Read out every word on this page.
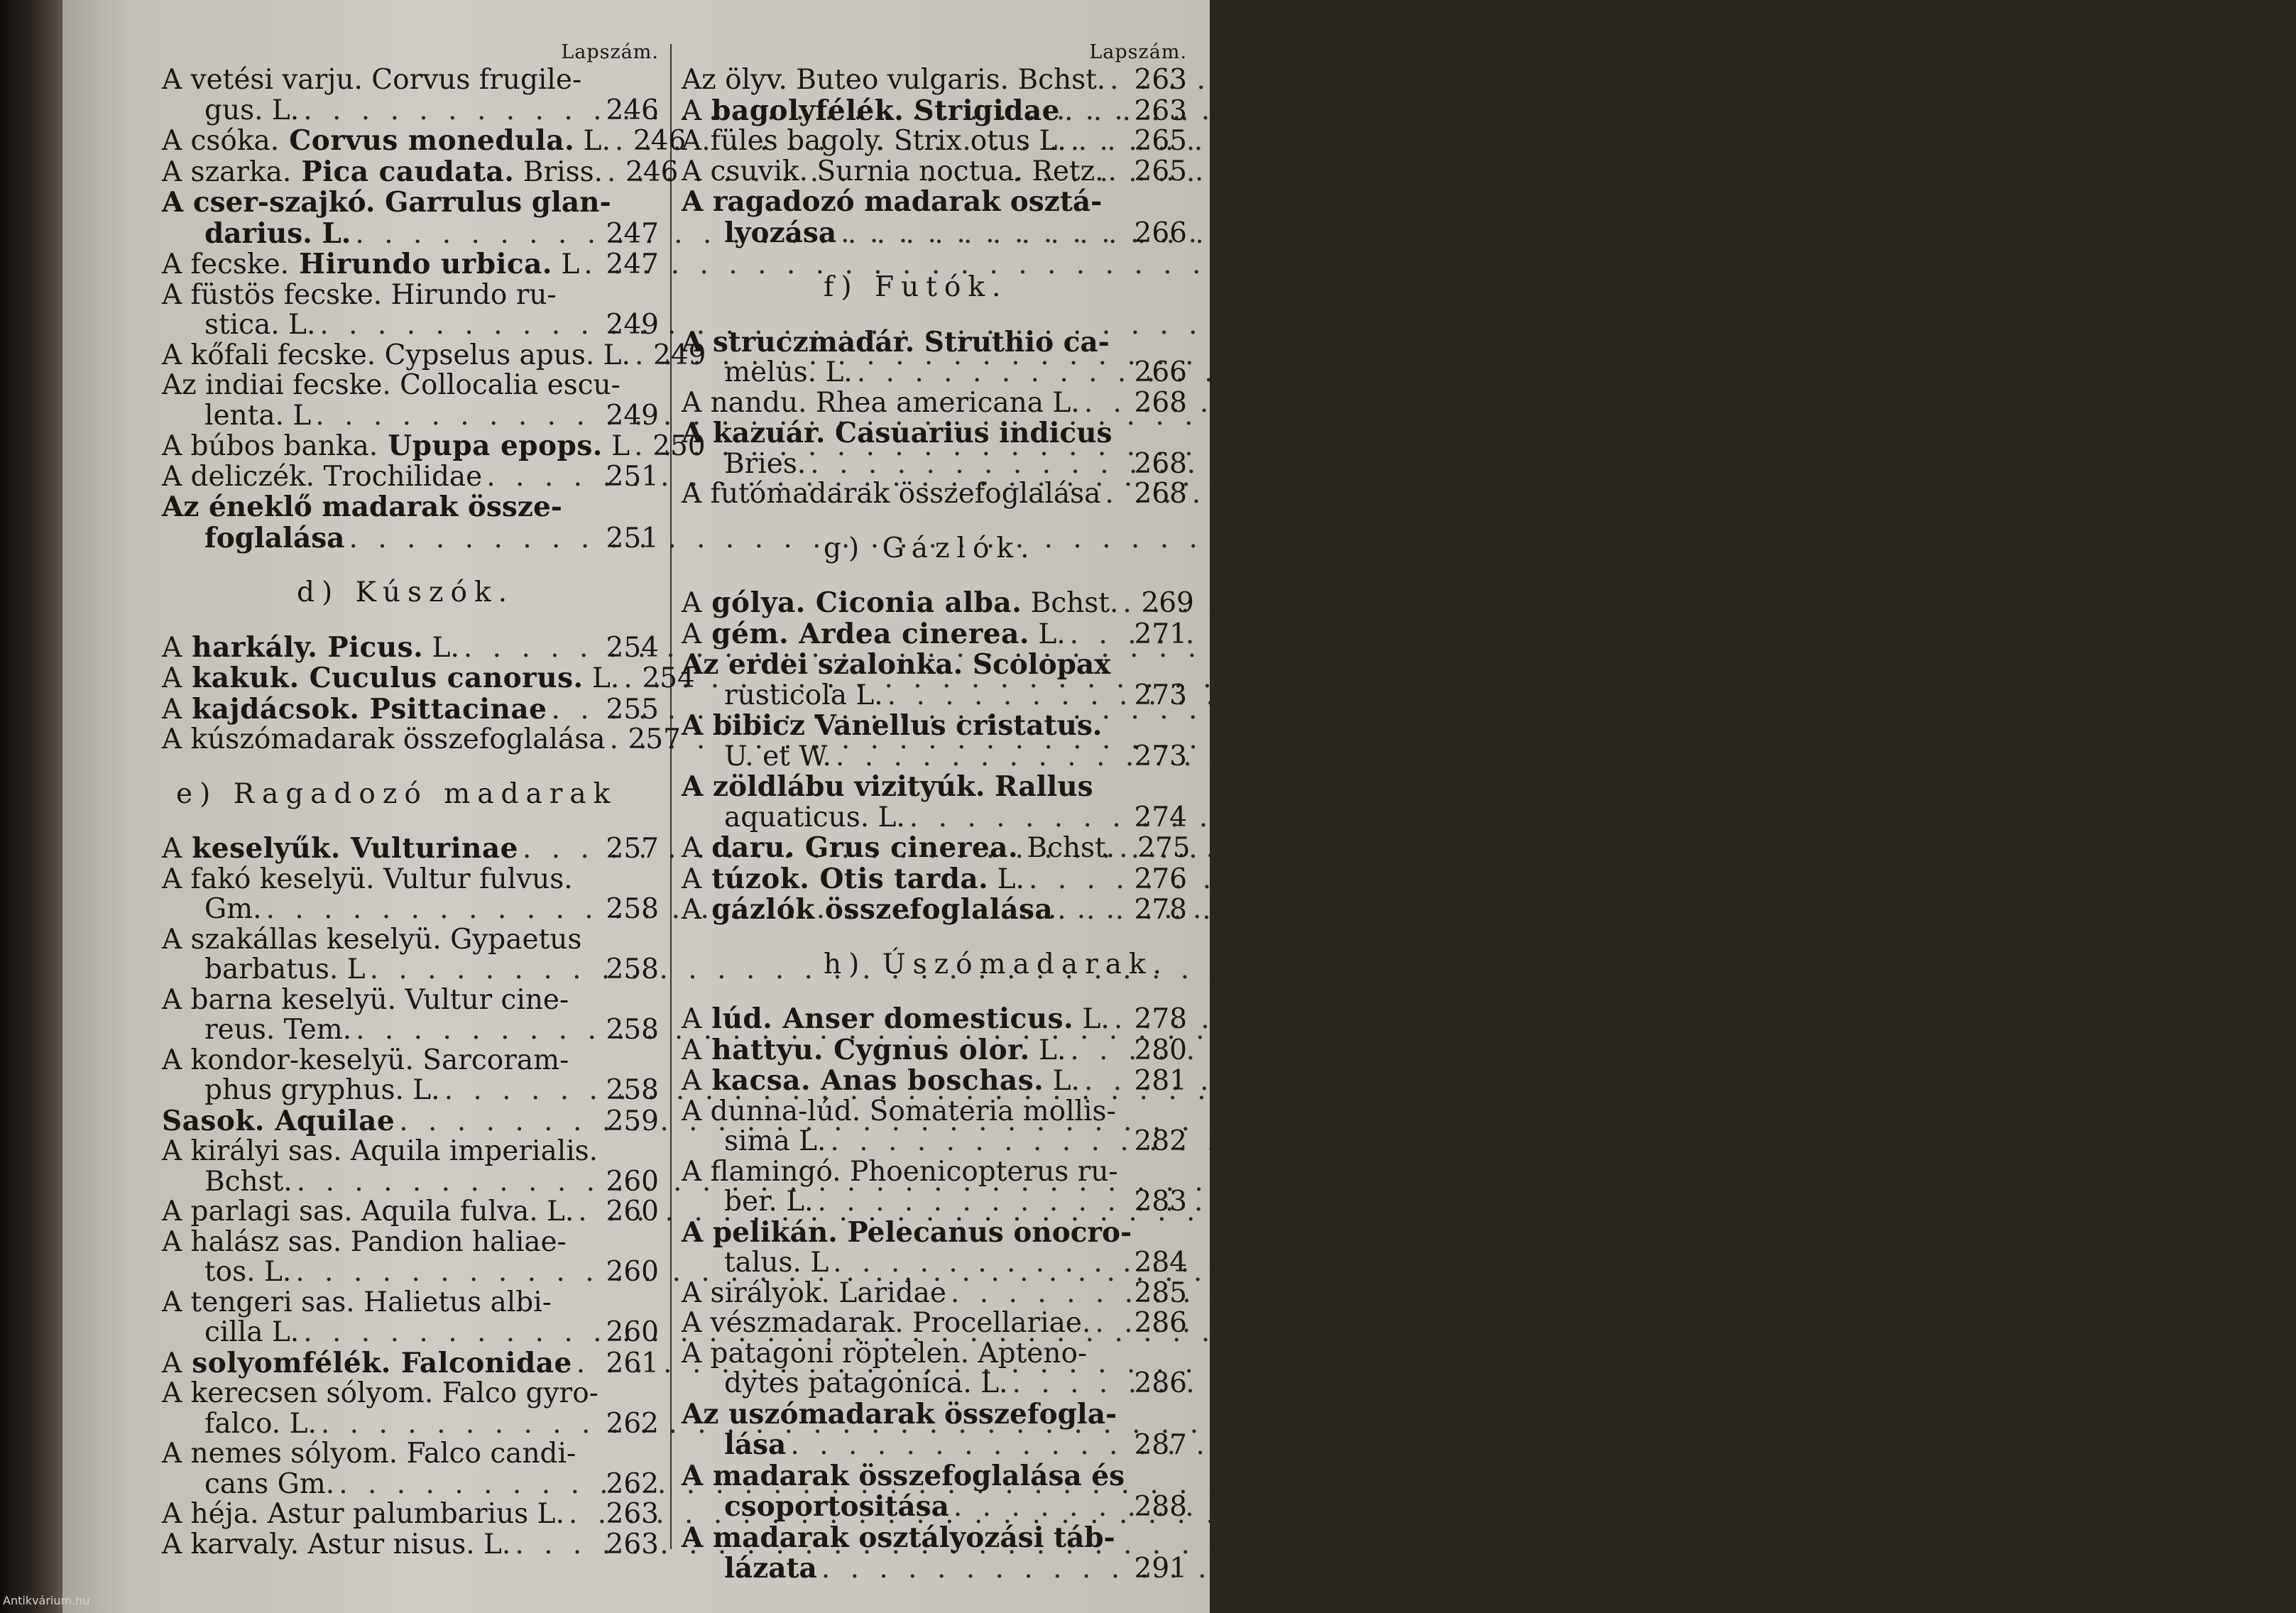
Lapszám.
A vetési varju. Corvus frugile-
gus. L. . . .	246
A csóka. Corvus monedula. L. . . . 246
A szarka. Pica caudata. Briss. . . . 246
A cser-szajkó. Garrulus glan-
darius. L. . . .	247
A fecske. Hirundo urbica. L . . . 247
A füstös fecske. Hirundo ru-
stica. L. . . .	249
A kőfali fecske. Cypselus apus. L. . . . 249
Az indiai fecske. Collocalia escu-
lenta. L . . .	249
A búbos banka. Upupa epops. L . . . 250
A deliczék. Trochilidae . . .	251
Az éneklő madarak össze-
foglalása . . .	251
d) Kúszók.
A harkály. Picus. L. . . .	254
A kakuk. Cuculus canorus. L. . . . 254
A kajdácsok. Psittacinae . . . 255
A kúszómadarak összefoglalása . . . 257
e) Ragadozó madarak
A keselyűk. Vulturinae . . .	257
A fakó keselyü. Vultur fulvus.
Gm. . . .	258
A szakállas keselyü. Gypaetus
barbatus. L . . .	258
A barna keselyü. Vultur cine-
reus. Tem. . . .	258
A kondor-keselyü. Sarcoram-
phus gryphus. L. . . .	258
Sasok. Aquilae . . .	259
A királyi sas. Aquila imperialis.
Bchst. . . .	260
A parlagi sas. Aquila fulva. L. . . . 260
A halász sas. Pandion haliae-
tos. L. . . .	260
A tengeri sas. Halietus albi-
cilla L. . . .	260
A solyomfélék. Falconidae . . . 261
A kerecsen sólyom. Falco gyro-
falco. L. . . .	262
A nemes sólyom. Falco candi-
cans Gm. . . .	262
A héja. Astur palumbarius L. . . . 263
A karvaly. Astur nisus. L. . . .	263
Lapszám.
Az ölyv. Buteo vulgaris. Bchst. . . . 263
A bagolyfélék. Strigidae . . .	263
A füles bagoly. Strix otus L. . . . 265
A csuvik. Surnia noctua. Retz. . . . 265
A ragadozó madarak osztá-
lyozása . . .	266
f) Futók.
A struczmadár. Struthio ca-
melus. L. . . .	266
A nandu. Rhea americana L. . . . 268
A kazuár. Casuarius indicus
Bries. . . .	268
A futómadarak összefoglalása . . . 268
g) Gázlók.
A gólya. Ciconia alba. Bchst. . . . 269
A gém. Ardea cinerea. L. . . . 271
Az erdei szalonka. Scolopax
rusticola L. . . .	273
A bibicz Vanellus cristatus.
U. et W. . . .	273
A zöldlábu vizityúk. Rallus
aquaticus. L. . . .	274
A daru. Grus cinerea. Bchst. . . . 275
A túzok. Otis tarda. L. . . .	276
A gázlók összefoglalása . . .	278
h) Úszómadarak.
A lúd. Anser domesticus. L. . . . 278
A hattyu. Cygnus olor. L. . . . 280
A kacsa. Anas boschas. L. . . . 281
A dunna-lúd. Somateria mollis-
sima L. . . .	282
A flamingó. Phoenicopterus ru-
ber. L. . . .	283
A pelikán. Pelecanus onocro-
talus. L . . .	284
A sirályok. Laridae . . .	285
A vészmadarak. Procellariae. . . . 286
A patagoni röptelen. Apteno-
dytes patagonica. L. . . .	286
Az uszómadarak összefogla-
lása . . .	287
A madarak összefoglalása és
csoportositása . . .	288
A madarak osztályozási táb-
lázata . . .	291
Antikvárium.hu
